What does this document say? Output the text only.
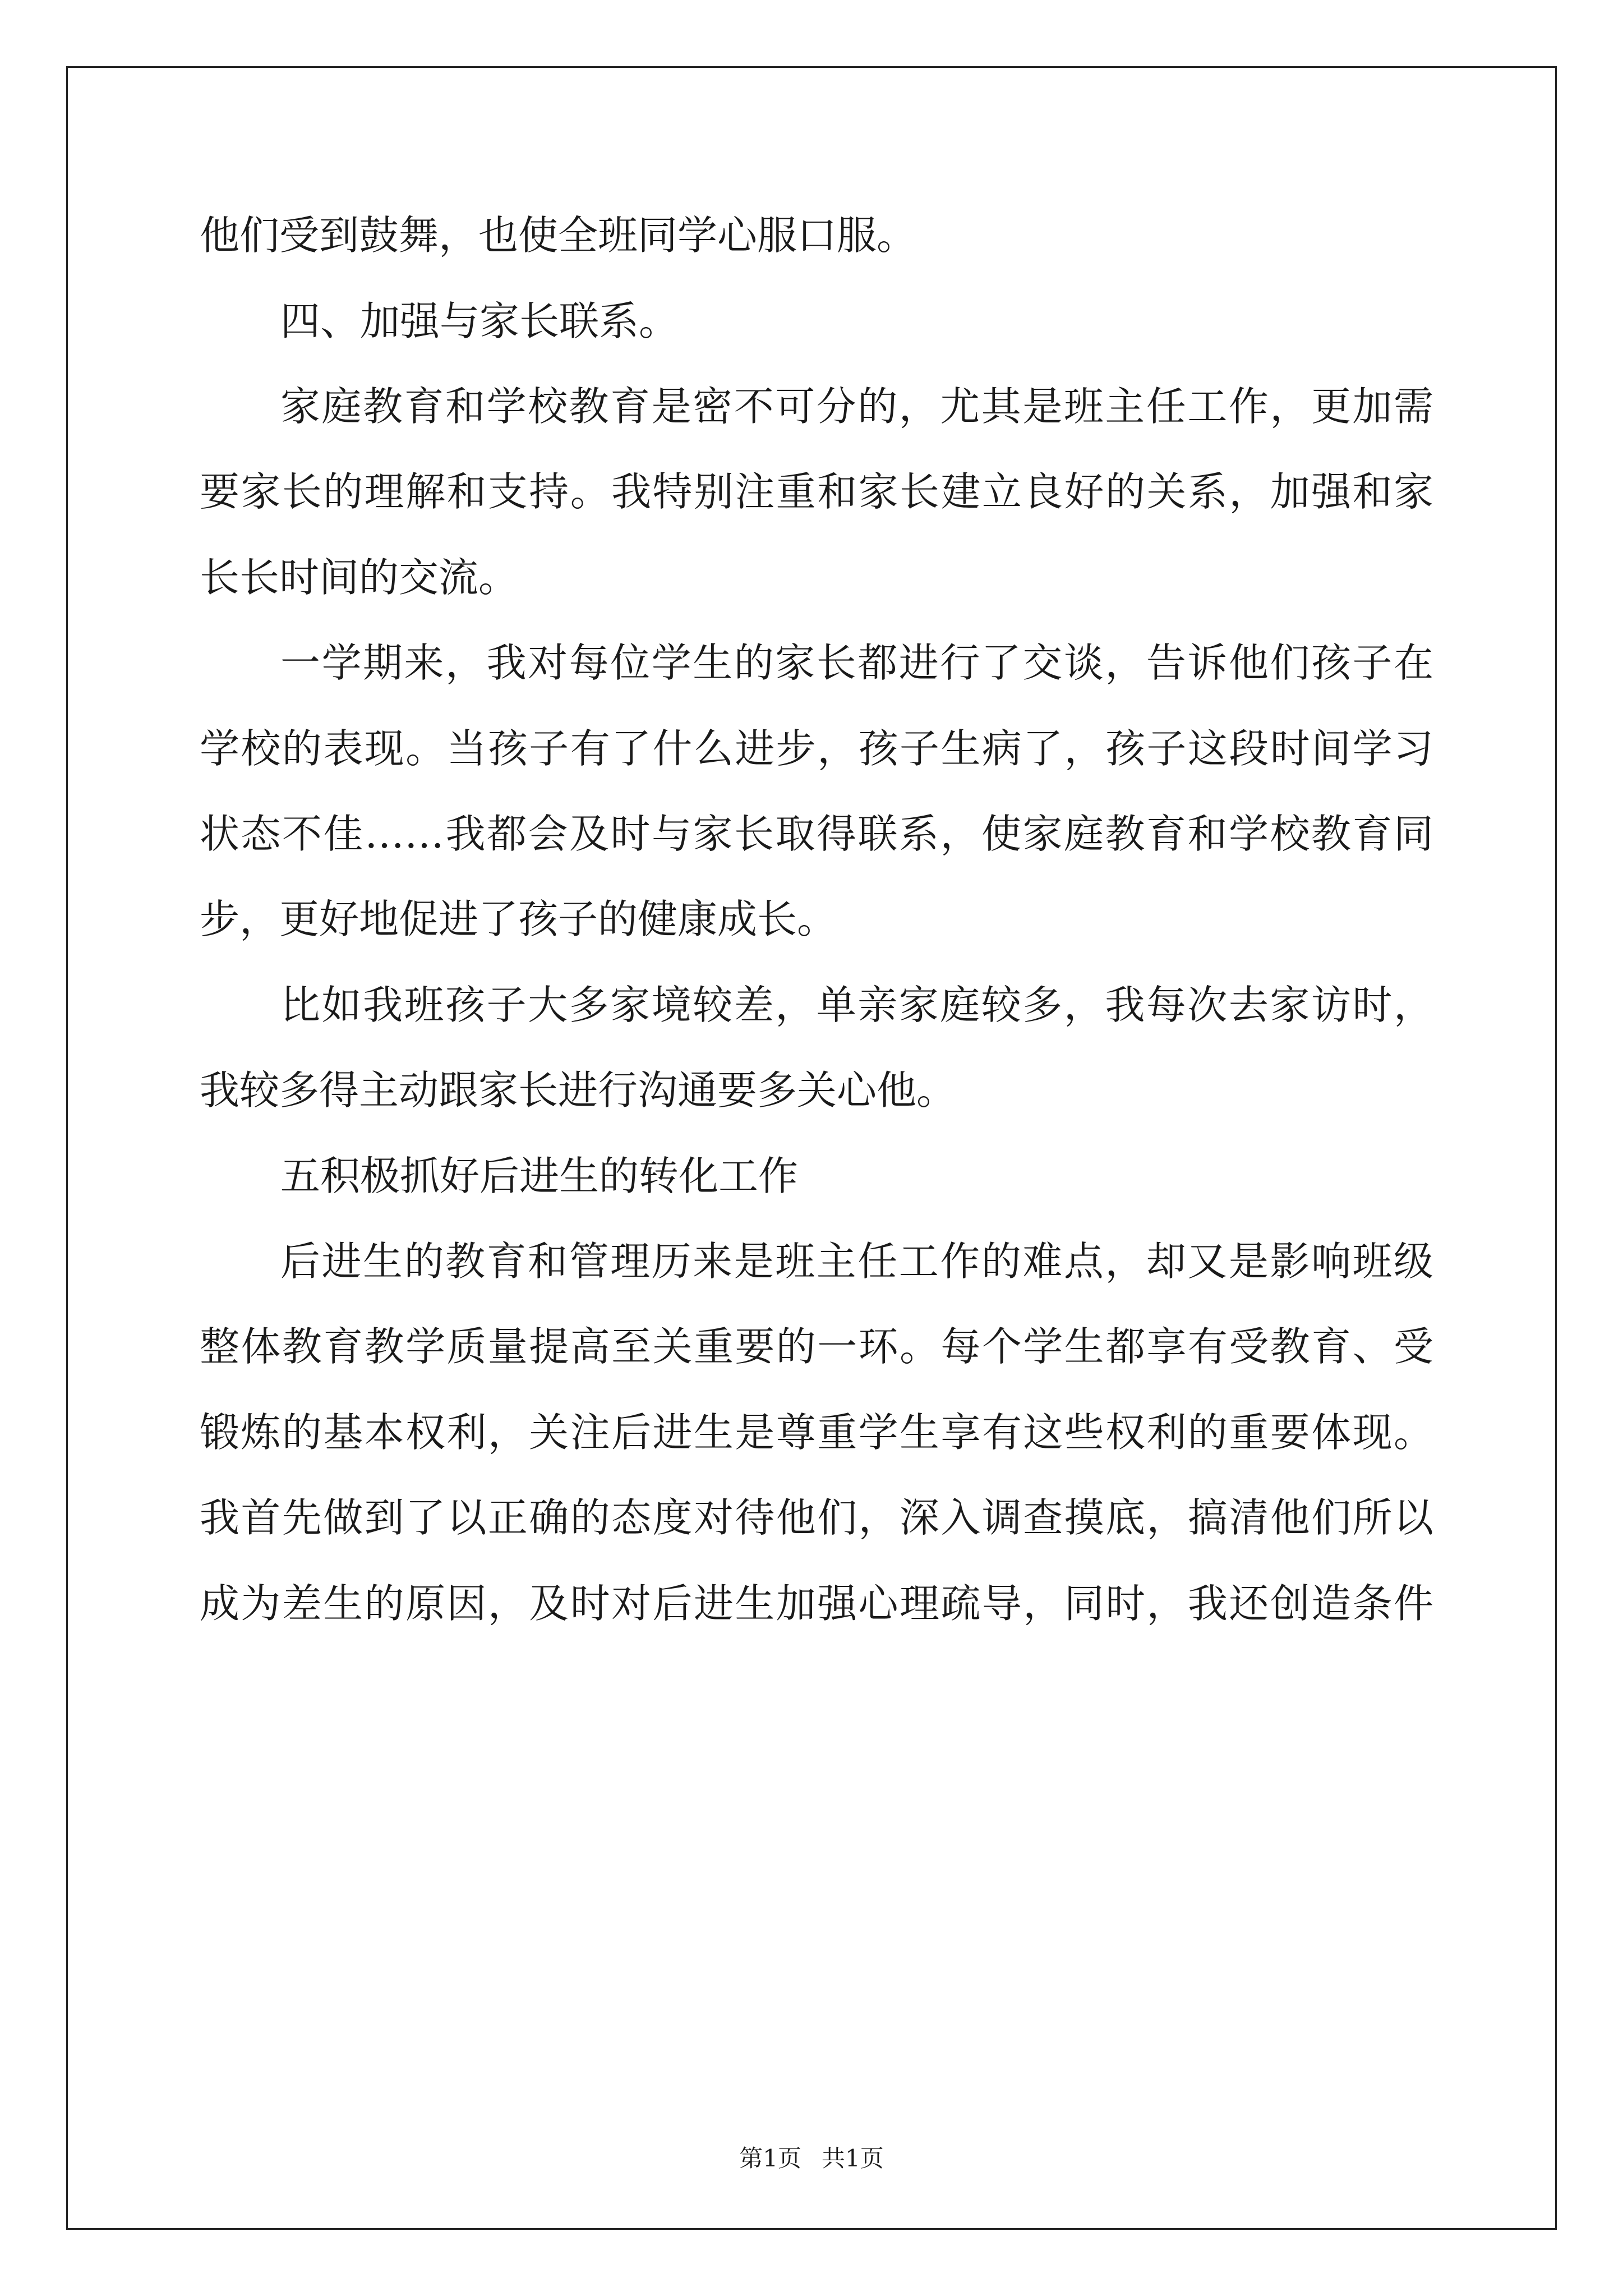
他们受到鼓舞，也使全班同学心服口服。
四、加强与家长联系。
家庭教育和学校教育是密不可分的，尤其是班主任工作，更加需
要家长的理解和支持。我特别注重和家长建立良好的关系，加强和家
长长时间的交流。
一学期来，我对每位学生的家长都进行了交谈，告诉他们孩子在
学校的表现。当孩子有了什么进步，孩子生病了，孩子这段时间学习
状态不佳……我都会及时与家长取得联系，使家庭教育和学校教育同
步，更好地促进了孩子的健康成长。
比如我班孩子大多家境较差，单亲家庭较多，我每次去家访时，
我较多得主动跟家长进行沟通要多关心他。
五积极抓好后进生的转化工作
后进生的教育和管理历来是班主任工作的难点，却又是影响班级
整体教育教学质量提高至关重要的一环。每个学生都享有受教育、受
锻炼的基本权利，关注后进生是尊重学生享有这些权利的重要体现。
我首先做到了以正确的态度对待他们，深入调查摸底，搞清他们所以
成为差生的原因，及时对后进生加强心理疏导，同时，我还创造条件
第1页 共1页
